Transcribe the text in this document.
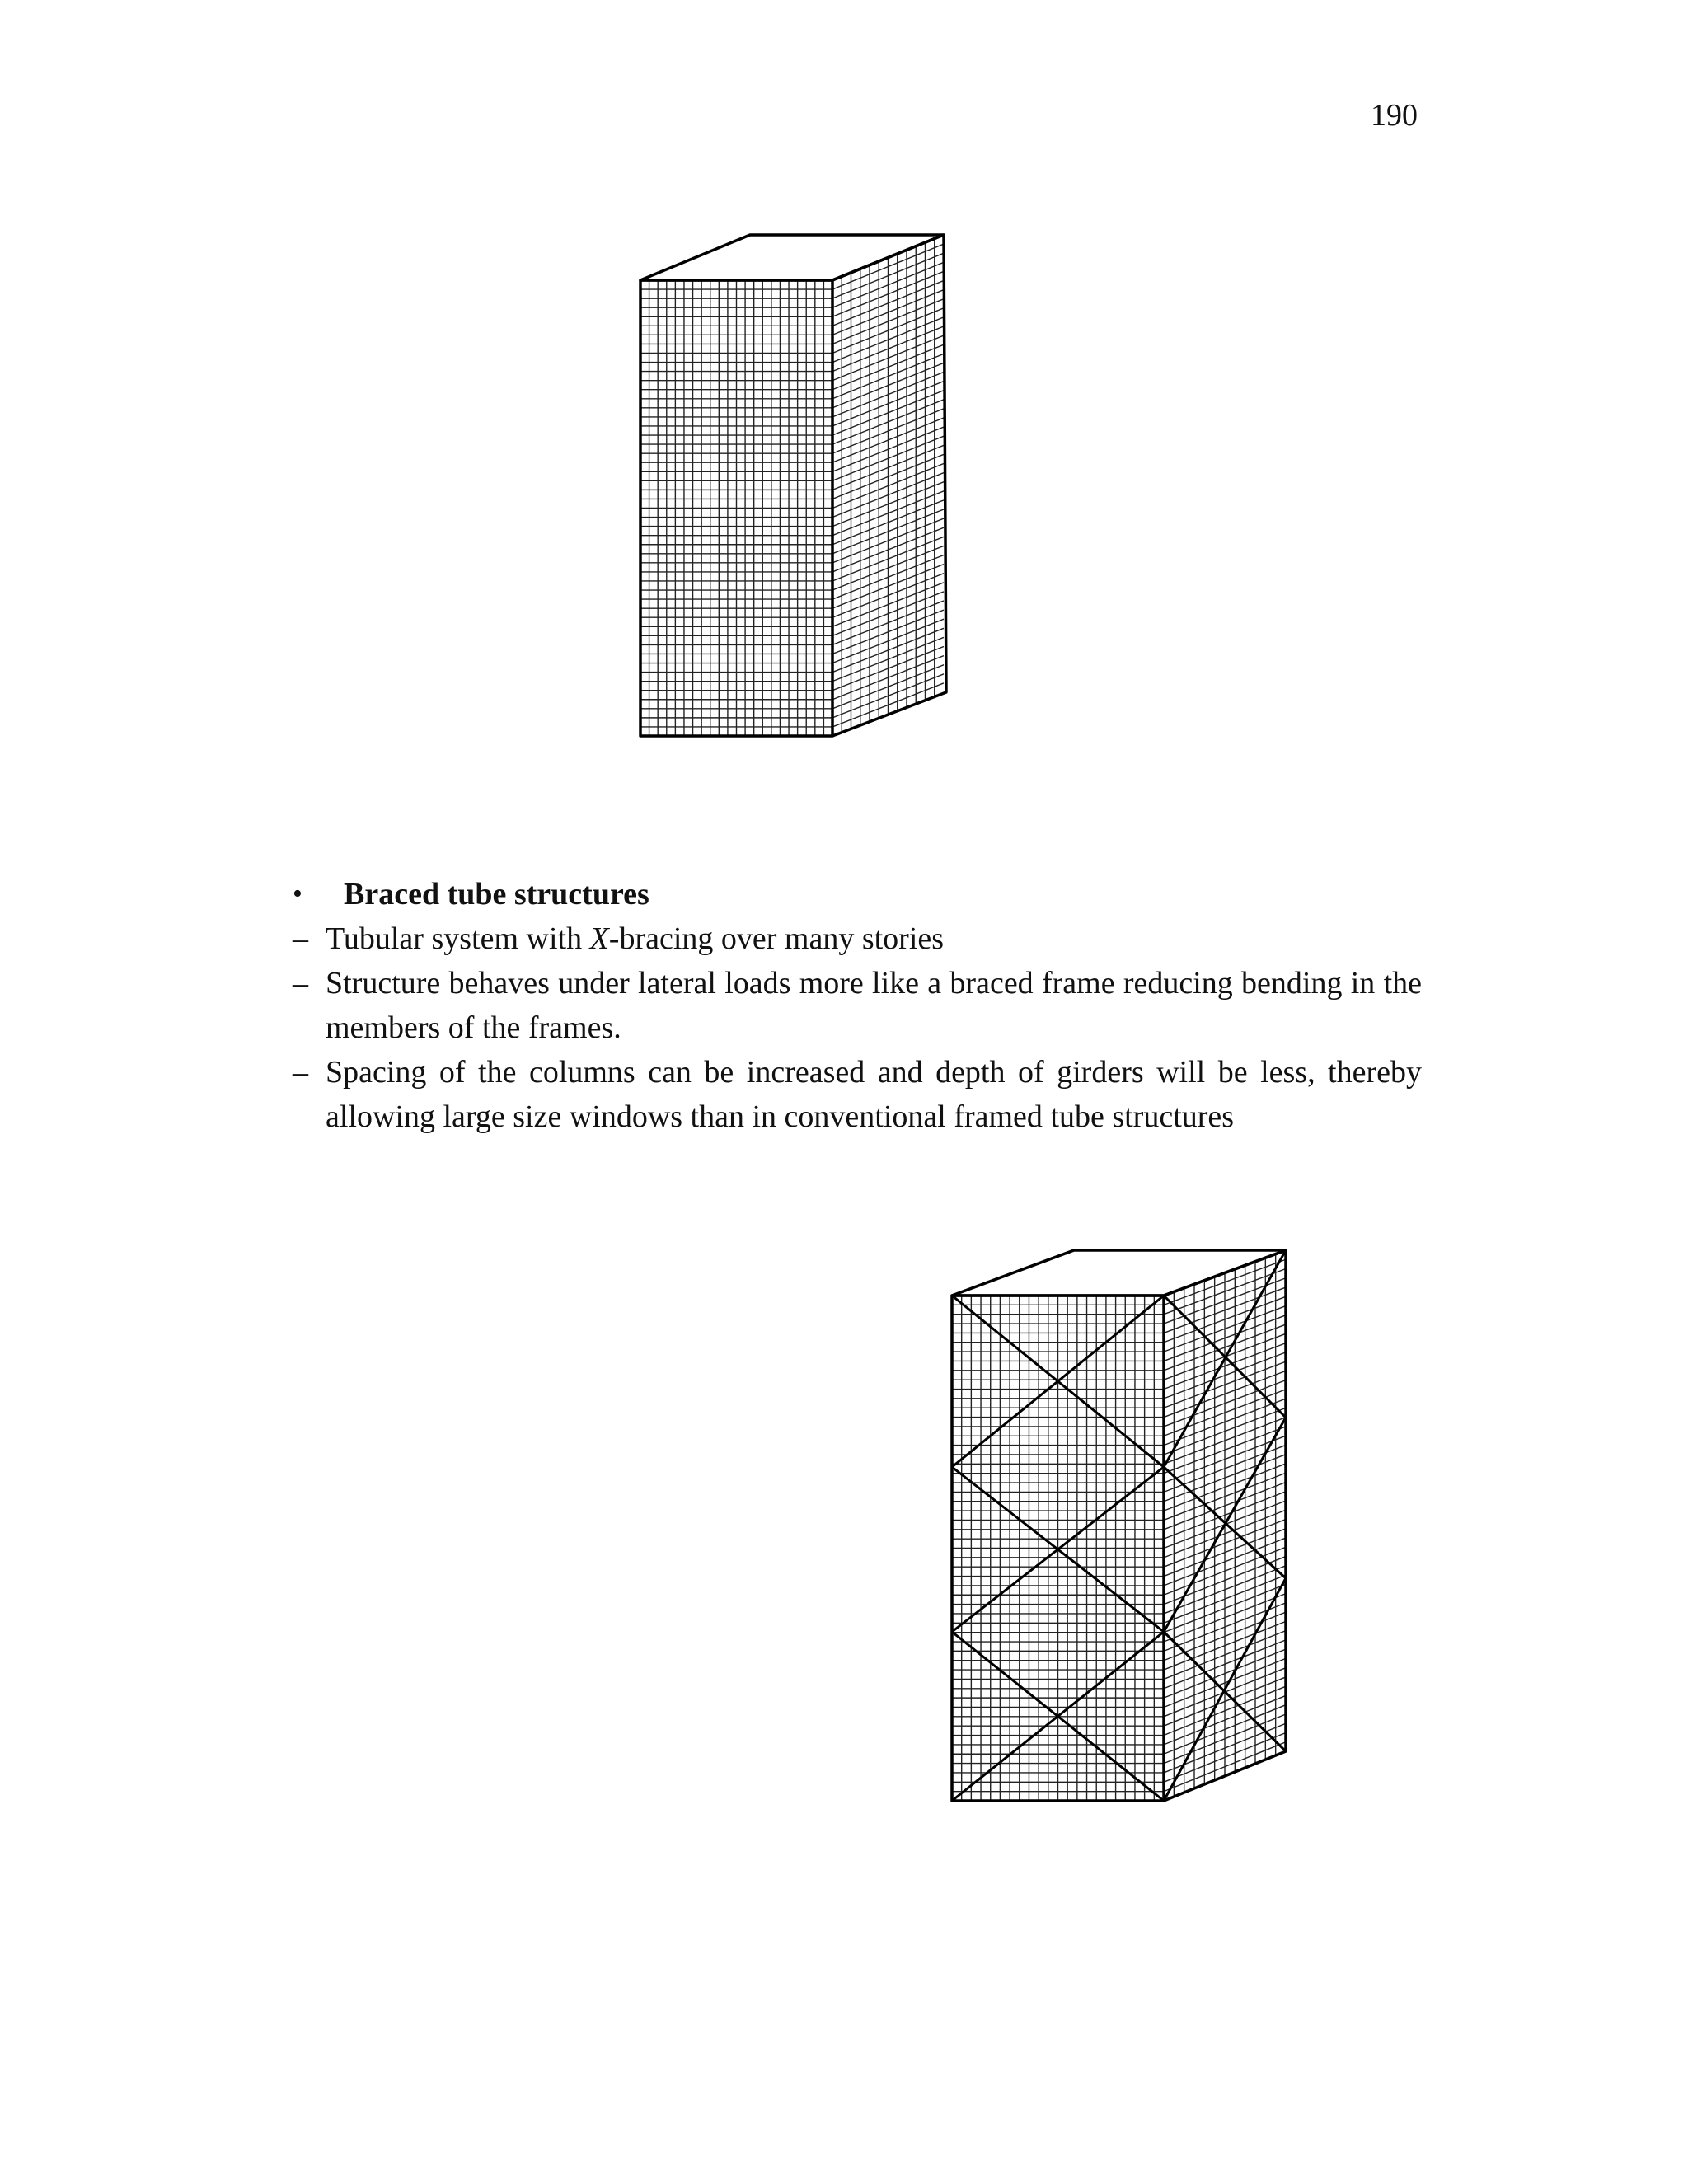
190
• Braced tube structures
– Tubular system with X-bracing over many stories
– Structure behaves under lateral loads more like a braced frame reducing bending in the members of the frames.
– Spacing of the columns can be increased and depth of girders will be less, thereby allowing large size windows than in conventional framed tube structures
